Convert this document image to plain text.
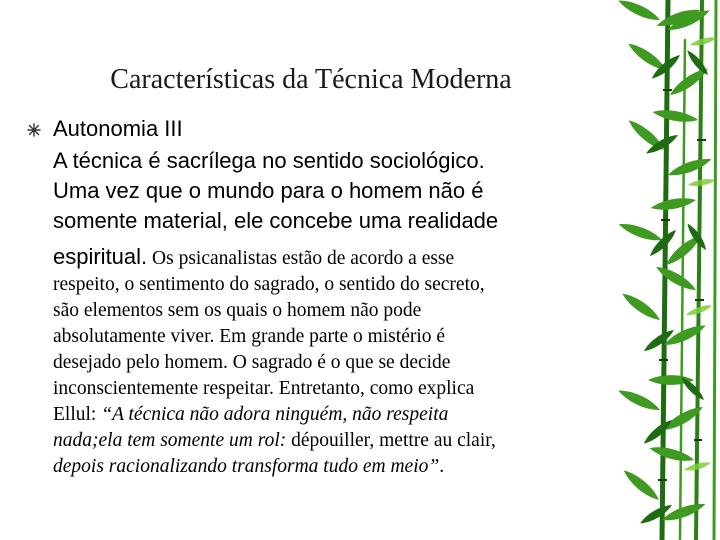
Características da Técnica Moderna
Autonomia III
A técnica é sacrílega no sentido sociológico.
Uma vez que o mundo para o homem não é
somente material, ele concebe uma realidade
espiritual. Os psicanalistas estão de acordo a esse
respeito, o sentimento do sagrado, o sentido do secreto,
são elementos sem os quais o homem não pode
absolutamente viver. Em grande parte o mistério é
desejado pelo homem. O sagrado é o que se decide
inconscientemente respeitar. Entretanto, como explica
Ellul: “A técnica não adora ninguém, não respeita
nada;ela tem somente um rol: dépouiller, mettre au clair,
depois racionalizando transforma tudo em meio”.
